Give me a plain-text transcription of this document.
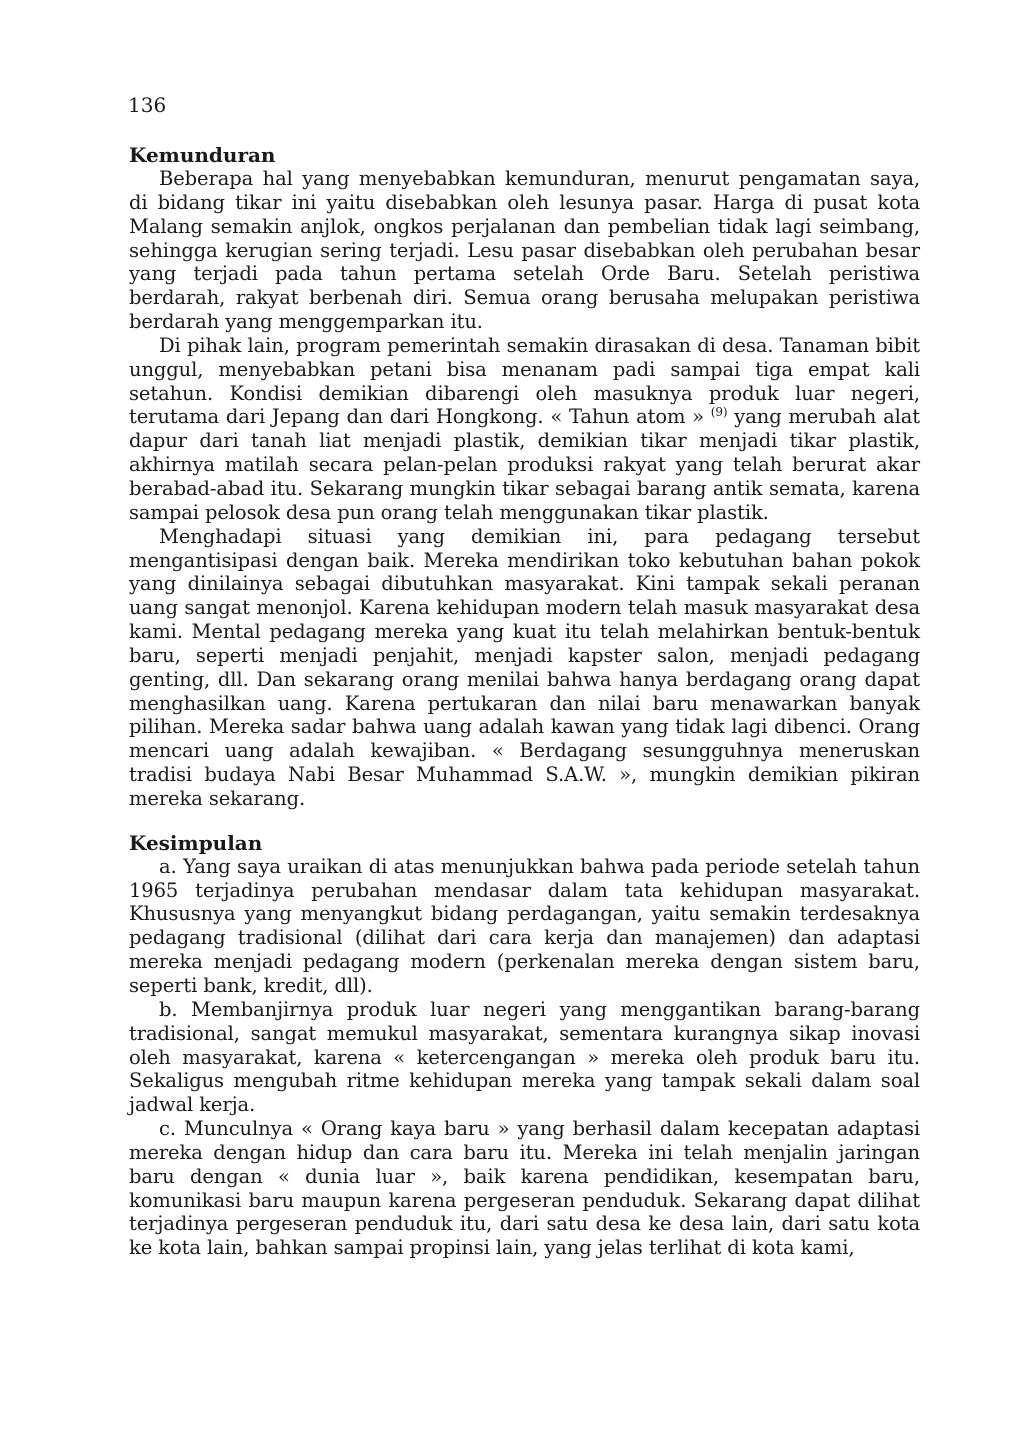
136
Kemunduran

Beberapa hal yang menyebabkan kemunduran, menurut pengamatan saya, di bidang tikar ini yaitu disebabkan oleh lesunya pasar. Harga di pusat kota Malang semakin anjlok, ongkos perjalanan dan pembelian tidak lagi seimbang, sehingga kerugian sering terjadi. Lesu pasar disebabkan oleh perubahan besar yang terjadi pada tahun pertama setelah Orde Baru. Setelah peristiwa berdarah, rakyat berbenah diri. Semua orang berusaha melupakan peristiwa berdarah yang menggemparkan itu.

Di pihak lain, program pemerintah semakin dirasakan di desa. Tanaman bibit unggul, menyebabkan petani bisa menanam padi sampai tiga empat kali setahun. Kondisi demikian dibarengi oleh masuknya produk luar negeri, terutama dari Jepang dan dari Hongkong. « Tahun atom » $^{(9)}$ yang merubah alat dapur dari tanah liat menjadi plastik, demikian tikar menjadi tikar plastik, akhirnya matilah secara pelan-pelan produksi rakyat yang telah berurat akar berabad-abad itu. Sekarang mungkin tikar sebagai barang antik semata, karena sampai pelosok desa pun orang telah menggunakan tikar plastik.

Menghadapi situasi yang demikian ini, para pedagang tersebut mengantisipasi dengan baik. Mereka mendirikan toko kebutuhan bahan pokok yang dinilainya sebagai dibutuhkan masyarakat. Kini tampak sekali peranan uang sangat menonjol. Karena kehidupan modern telah masuk masyarakat desa kami. Mental pedagang mereka yang kuat itu telah melahirkan bentuk-bentuk baru, seperti menjadi penjahit, menjadi kapster salon, menjadi pedagang genting, dll. Dan sekarang orang menilai bahwa hanya berdagang orang dapat menghasilkan uang. Karena pertukaran dan nilai baru menawarkan banyak pilihan. Mereka sadar bahwa uang adalah kawan yang tidak lagi dibenci. Orang mencari uang adalah kewajiban. « Berdagang sesungguhnya meneruskan tradisi budaya Nabi Besar Muhammad S.A.W. », mungkin demikian pikiran mereka sekarang.

Kesimpulan

a. Yang saya uraikan di atas menunjukkan bahwa pada periode setelah tahun 1965 terjadinya perubahan mendasar dalam tata kehidupan masyarakat. Khususnya yang menyangkut bidang perdagangan, yaitu semakin terdesaknya pedagang tradisional (dilihat dari cara kerja dan manajemen) dan adaptasi mereka menjadi pedagang modern (perkenalan mereka dengan sistem baru, seperti bank, kredit, dll).

b. Membanjirnya produk luar negeri yang menggantikan barang-barang tradisional, sangat memukul masyarakat, sementara kurangnya sikap inovasi oleh masyarakat, karena « ketercengangan » mereka oleh produk baru itu. Sekaligus mengubah ritme kehidupan mereka yang tampak sekali dalam soal jadwal kerja.

c. Munculnya « Orang kaya baru » yang berhasil dalam kecepatan adaptasi mereka dengan hidup dan cara baru itu. Mereka ini telah menjalin jaringan baru dengan « dunia luar », baik karena pendidikan, kesempatan baru, komunikasi baru maupun karena pergeseran penduduk. Sekarang dapat dilihat terjadinya pergeseran penduduk itu, dari satu desa ke desa lain, dari satu kota ke kota lain, bahkan sampai propinsi lain, yang jelas terlihat di kota kami,
